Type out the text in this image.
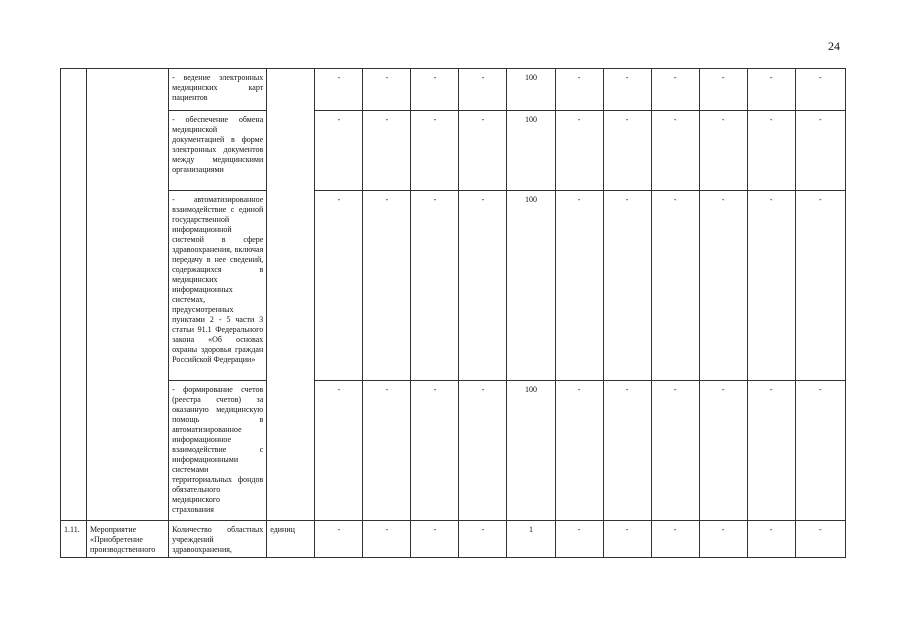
24
		- ведение электронных медицинских карт пациентов		-	-	-	-	100	-	-	-	-	-	-
		- обеспечение обмена медицинской документацией в форме электронных документов между медицинскими организациями		-	-	-	-	100	-	-	-	-	-	-
		- автоматизированное взаимодействие с единой государственной информационной системой в сфере здравоохранения, включая передачу в нее сведений, содержащихся в медицинских информационных системах, предусмотренных пунктами 2 - 5 части 3 статьи 91.1 Федерального закона «Об основах охраны здоровья граждан Российской Федерации»		-	-	-	-	100	-	-	-	-	-	-
		- формирование счетов (реестра счетов) за оказанную медицинскую помощь в автоматизированное информационное взаимодействие с информационными системами территориальных фондов обязательного медицинского страхования		-	-	-	-	100	-	-	-	-	-	-
1.11.	Мероприятие «Приобретение производственного	Количество областных учреждений здравоохранения,	единиц	-	-	-	-	1	-	-	-	-	-	-
